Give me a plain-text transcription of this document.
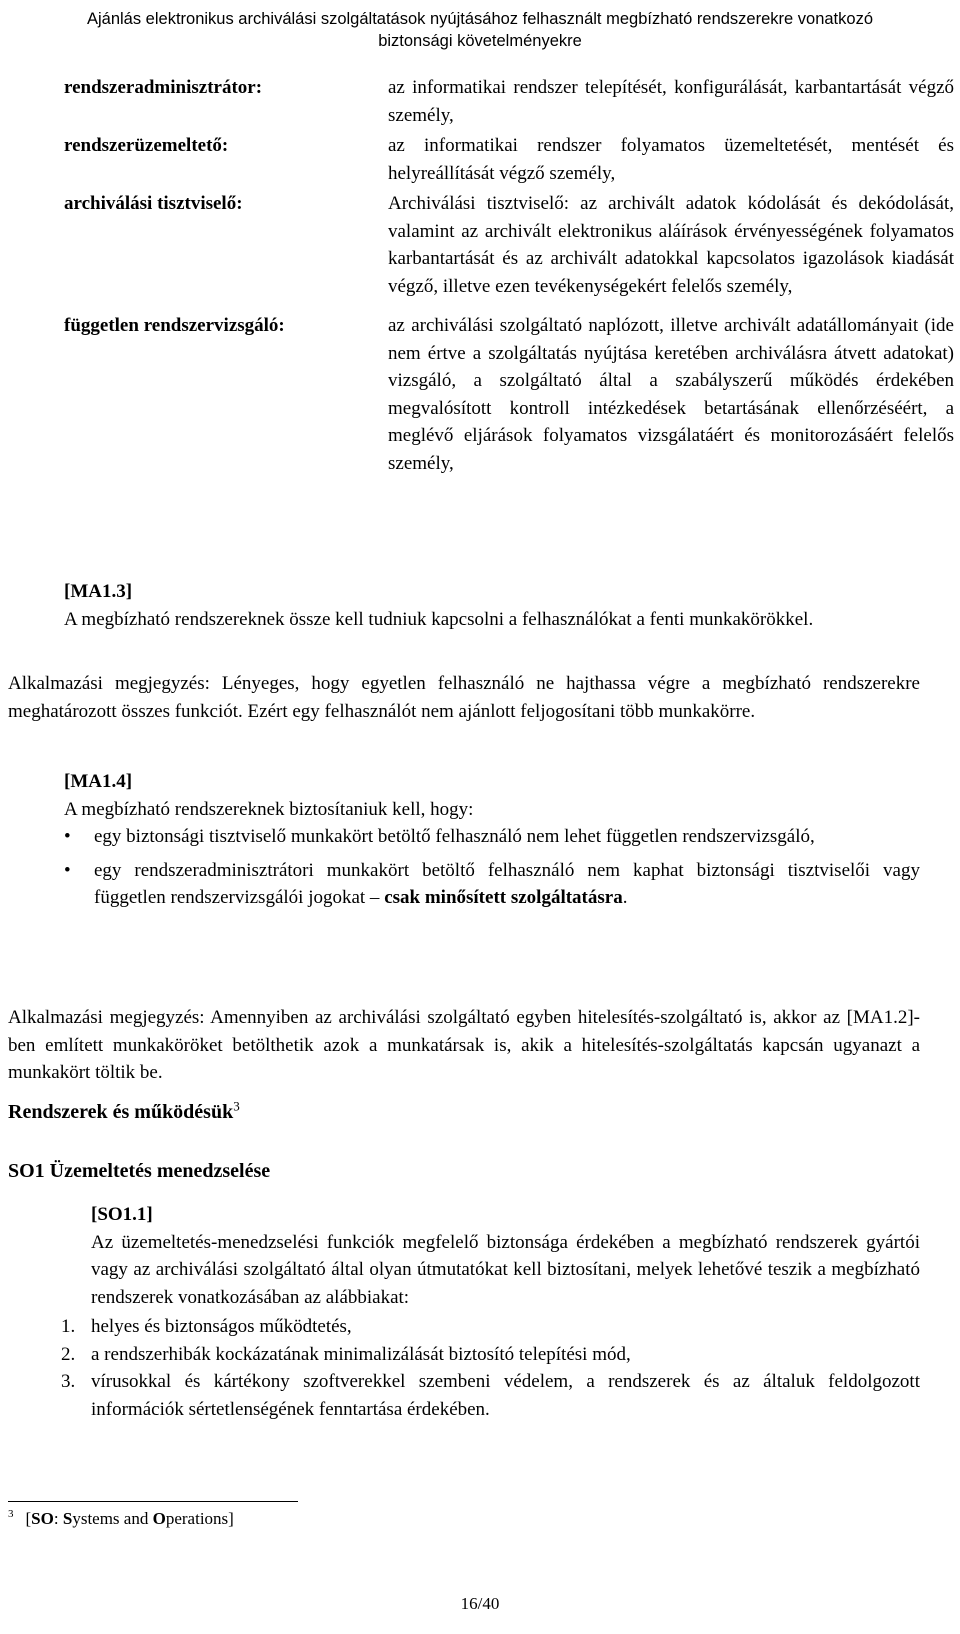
Ajánlás elektronikus archiválási szolgáltatások nyújtásához felhasznált megbízható rendszerekre vonatkozó
biztonsági követelményekre
rendszeradminisztrátor:	az informatikai rendszer telepítését, konfigurálását, karbantartását végző személy,
rendszerüzemeltető:	az informatikai rendszer folyamatos üzemeltetését, mentését és helyreállítását végző személy,
archiválási tisztviselő:	Archiválási tisztviselő: az archivált adatok kódolását és dekódolását, valamint az archivált elektronikus aláírások érvényességének folyamatos karbantartását és az archivált adatokkal kapcsolatos igazolások kiadását végző, illetve ezen tevékenységekért felelős személy,
független rendszervizsgáló:	az archiválási szolgáltató naplózott, illetve archivált adatállományait (ide nem értve a szolgáltatás nyújtása keretében archiválásra átvett adatokat) vizsgáló, a szolgáltató által a szabályszerű működés érdekében megvalósított kontroll intézkedések betartásának ellenőrzéséért, a meglévő eljárások folyamatos vizsgálatáért és monitorozásáért felelős személy,

[MA1.3]

A megbízható rendszereknek össze kell tudniuk kapcsolni a felhasználókat a fenti munkakörökkel.

Alkalmazási megjegyzés: Lényeges, hogy egyetlen felhasználó ne hajthassa végre a megbízható rendszerekre meghatározott összes funkciót. Ezért egy felhasználót nem ajánlott feljogosítani több munkakörre.

[MA1.4]

A megbízható rendszereknek biztosítaniuk kell, hogy:

•	egy biztonsági tisztviselő munkakört betöltő felhasználó nem lehet független rendszervizsgáló,
•	egy rendszeradminisztrátori munkakört betöltő felhasználó nem kaphat biztonsági tisztviselői vagy független rendszervizsgálói jogokat – csak minősített szolgáltatásra.

Alkalmazási megjegyzés: Amennyiben az archiválási szolgáltató egyben hitelesítés-szolgáltató is, akkor az [MA1.2]-ben említett munkaköröket betölthetik azok a munkatársak is, akik a hitelesítés-szolgáltatás kapcsán ugyanazt a munkakört töltik be.

Rendszerek és működésük$^3$
SO1 Üzemeltetés menedzselése

[SO1.1]

Az üzemeltetés-menedzselési funkciók megfelelő biztonsága érdekében a megbízható rendszerek gyártói vagy az archiválási szolgáltató által olyan útmutatókat kell biztosítani, melyek lehetővé teszik a megbízható rendszerek vonatkozásában az alábbiakat:

1. helyes és biztonságos működtetés,
2. a rendszerhibák kockázatának minimalizálását biztosító telepítési mód,
3. vírusokkal és kártékony szoftverekkel szembeni védelem, a rendszerek és az általuk feldolgozott információk sértetlenségének fenntartása érdekében.
$^3$ [SO: Systems and Operations]
16/40
